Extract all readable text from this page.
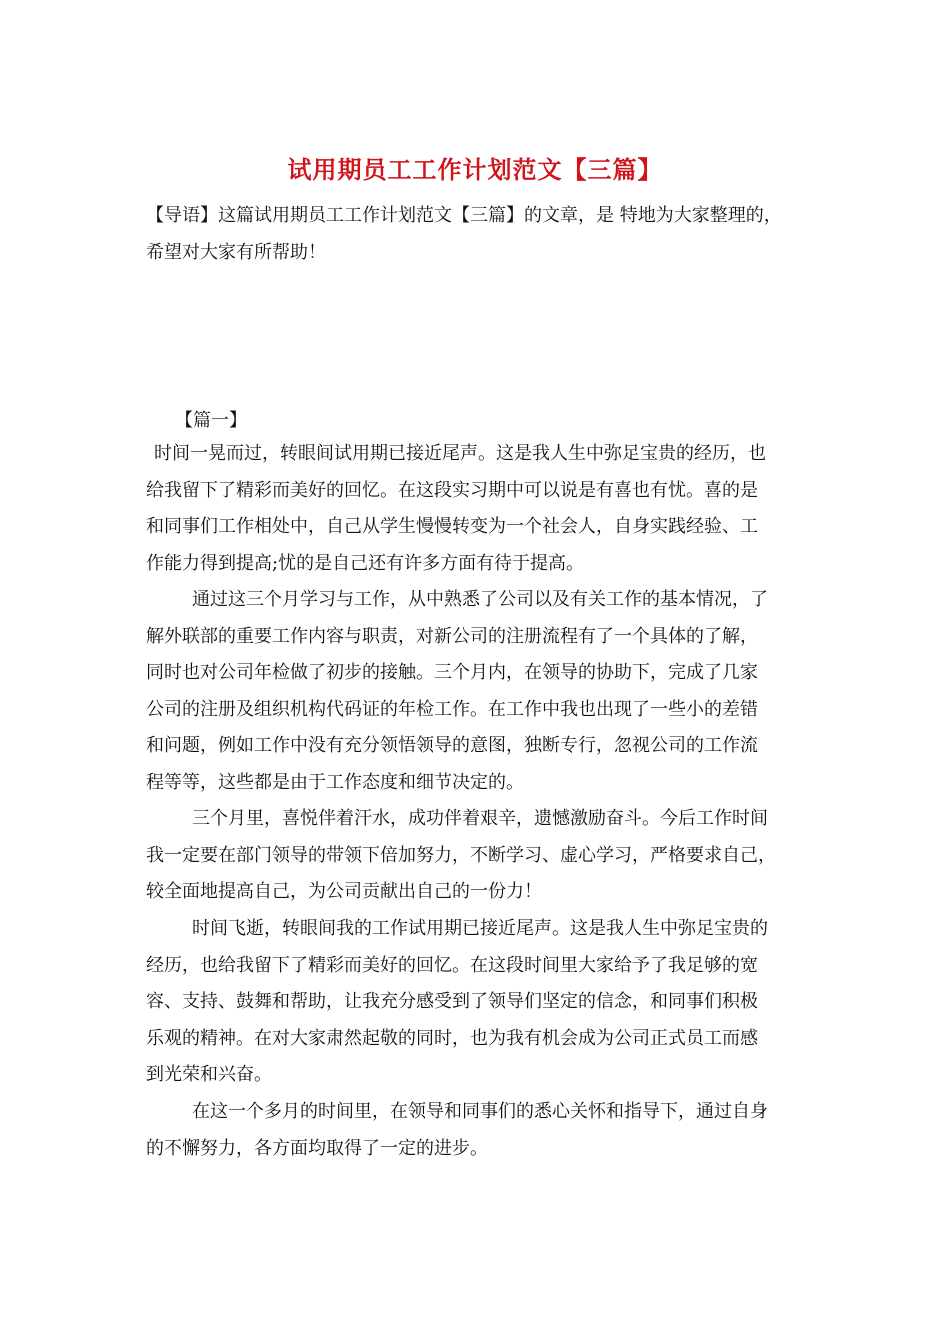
试用期员工工作计划范文【三篇】

【导语】这篇试用期员工工作计划范文【三篇】的文章，是 特地为大家整理的，
希望对大家有所帮助！

【篇一】

时间一晃而过，转眼间试用期已接近尾声。这是我人生中弥足宝贵的经历，也
给我留下了精彩而美好的回忆。在这段实习期中可以说是有喜也有忧。喜的是
和同事们工作相处中，自己从学生慢慢转变为一个社会人，自身实践经验、工
作能力得到提高;忧的是自己还有许多方面有待于提高。

通过这三个月学习与工作，从中熟悉了公司以及有关工作的基本情况，了
解外联部的重要工作内容与职责，对新公司的注册流程有了一个具体的了解，
同时也对公司年检做了初步的接触。三个月内，在领导的协助下，完成了几家
公司的注册及组织机构代码证的年检工作。在工作中我也出现了一些小的差错
和问题，例如工作中没有充分领悟领导的意图，独断专行，忽视公司的工作流
程等等，这些都是由于工作态度和细节决定的。

三个月里，喜悦伴着汗水，成功伴着艰辛，遗憾激励奋斗。今后工作时间
我一定要在部门领导的带领下倍加努力，不断学习、虚心学习，严格要求自己，
较全面地提高自己，为公司贡献出自己的一份力！

时间飞逝，转眼间我的工作试用期已接近尾声。这是我人生中弥足宝贵的
经历，也给我留下了精彩而美好的回忆。在这段时间里大家给予了我足够的宽
容、支持、鼓舞和帮助，让我充分感受到了领导们坚定的信念，和同事们积极
乐观的精神。在对大家肃然起敬的同时，也为我有机会成为公司正式员工而感
到光荣和兴奋。

在这一个多月的时间里，在领导和同事们的悉心关怀和指导下，通过自身
的不懈努力，各方面均取得了一定的进步。
